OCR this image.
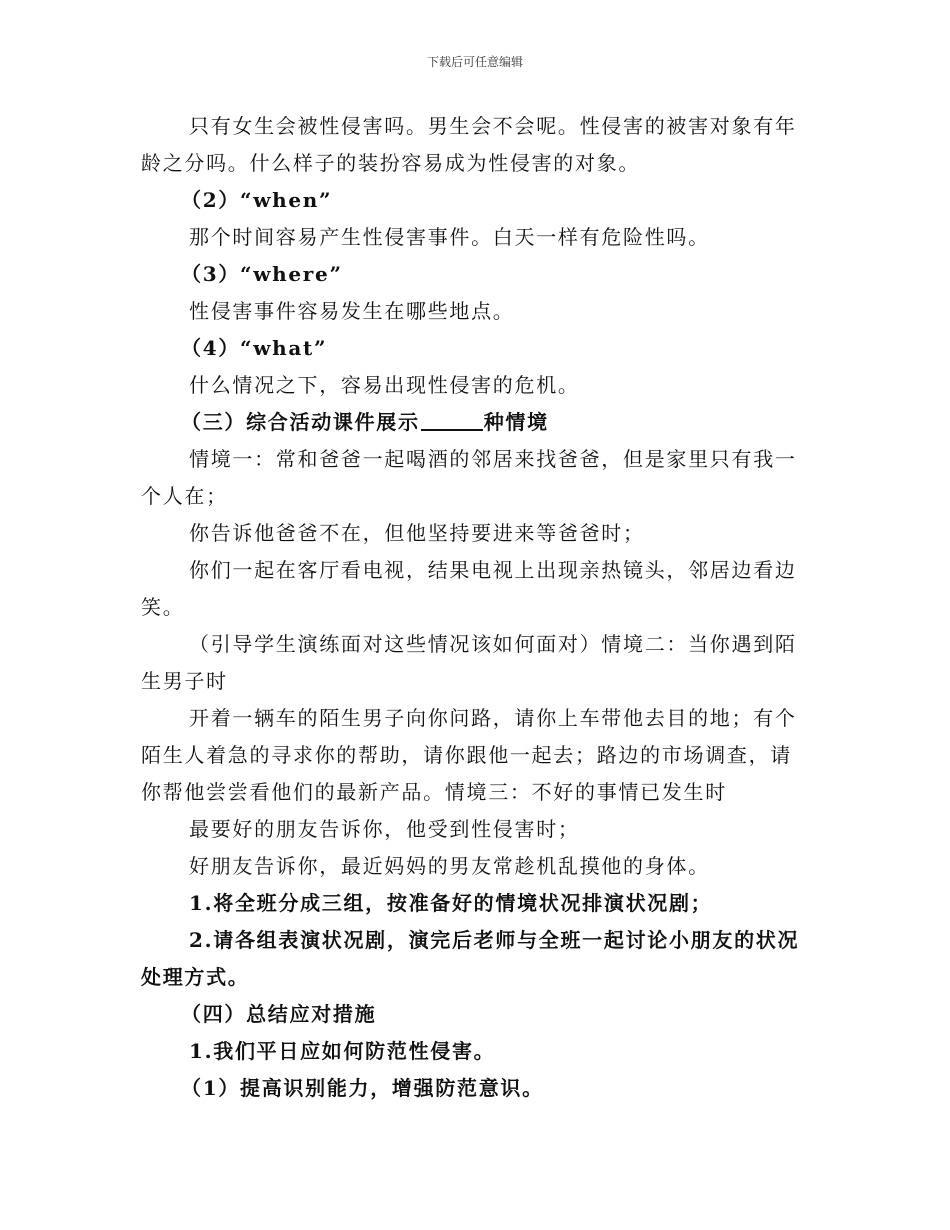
下载后可任意编辑
只有女生会被性侵害吗。男生会不会呢。性侵害的被害对象有年
龄之分吗。什么样子的装扮容易成为性侵害的对象。
（2）“when”
那个时间容易产生性侵害事件。白天一样有危险性吗。
（3）“where”
性侵害事件容易发生在哪些地点。
（4）“what”
什么情况之下，容易出现性侵害的危机。
（三）综合活动课件展示	种情境
情境一：常和爸爸一起喝酒的邻居来找爸爸，但是家里只有我一
个人在；
你告诉他爸爸不在，但他坚持要进来等爸爸时；
你们一起在客厅看电视，结果电视上出现亲热镜头，邻居边看边
笑。
（引导学生演练面对这些情况该如何面对）情境二：当你遇到陌
生男子时
开着一辆车的陌生男子向你问路，请你上车带他去目的地；有个
陌生人着急的寻求你的帮助，请你跟他一起去；路边的市场调查，请
你帮他尝尝看他们的最新产品。情境三：不好的事情已发生时
最要好的朋友告诉你，他受到性侵害时；
好朋友告诉你，最近妈妈的男友常趁机乱摸他的身体。
1.将全班分成三组，按准备好的情境状况排演状况剧；
2.请各组表演状况剧，演完后老师与全班一起讨论小朋友的状况
处理方式。
（四）总结应对措施
1.我们平日应如何防范性侵害。
（1）提高识别能力，增强防范意识。
